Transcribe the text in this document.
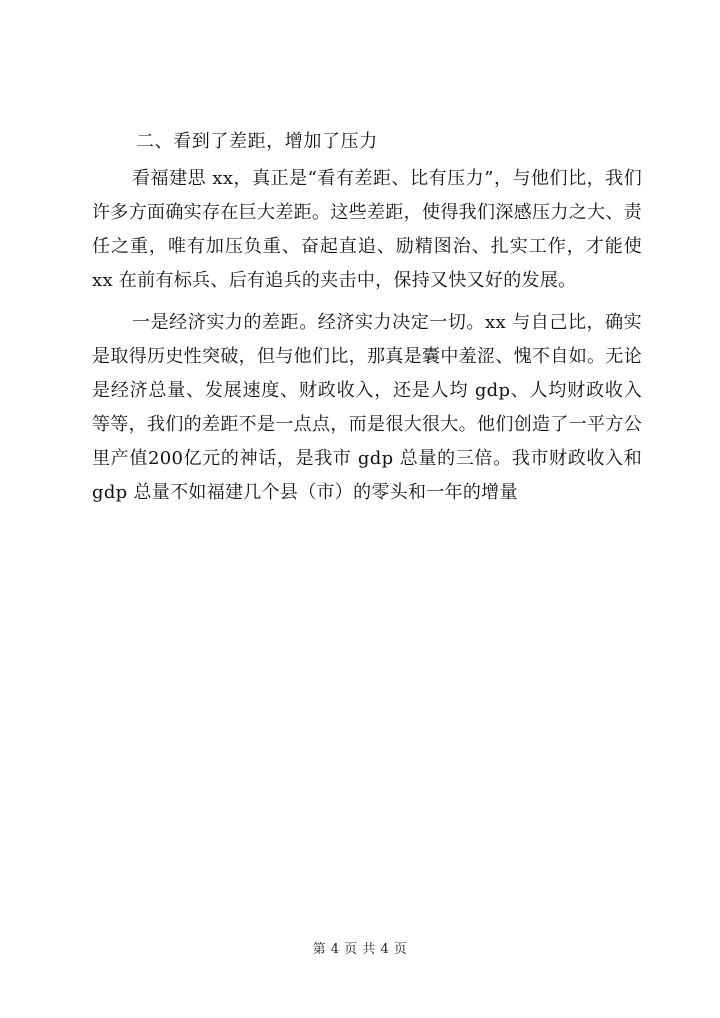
二、看到了差距，增加了压力

看福建思 xx，真正是“看有差距、比有压力”，与他们比，我们许多方面确实存在巨大差距。这些差距，使得我们深感压力之大、责任之重，唯有加压负重、奋起直追、励精图治、扎实工作，才能使 xx 在前有标兵、后有追兵的夹击中，保持又快又好的发展。

一是经济实力的差距。经济实力决定一切。xx 与自己比，确实是取得历史性突破，但与他们比，那真是囊中羞涩、愧不自如。无论是经济总量、发展速度、财政收入，还是人均 gdp、人均财政收入等等，我们的差距不是一点点，而是很大很大。他们创造了一平方公里产值200亿元的神话，是我市 gdp 总量的三倍。我市财政收入和 gdp 总量不如福建几个县（市）的零头和一年的增量

第 4 页 共 4 页
